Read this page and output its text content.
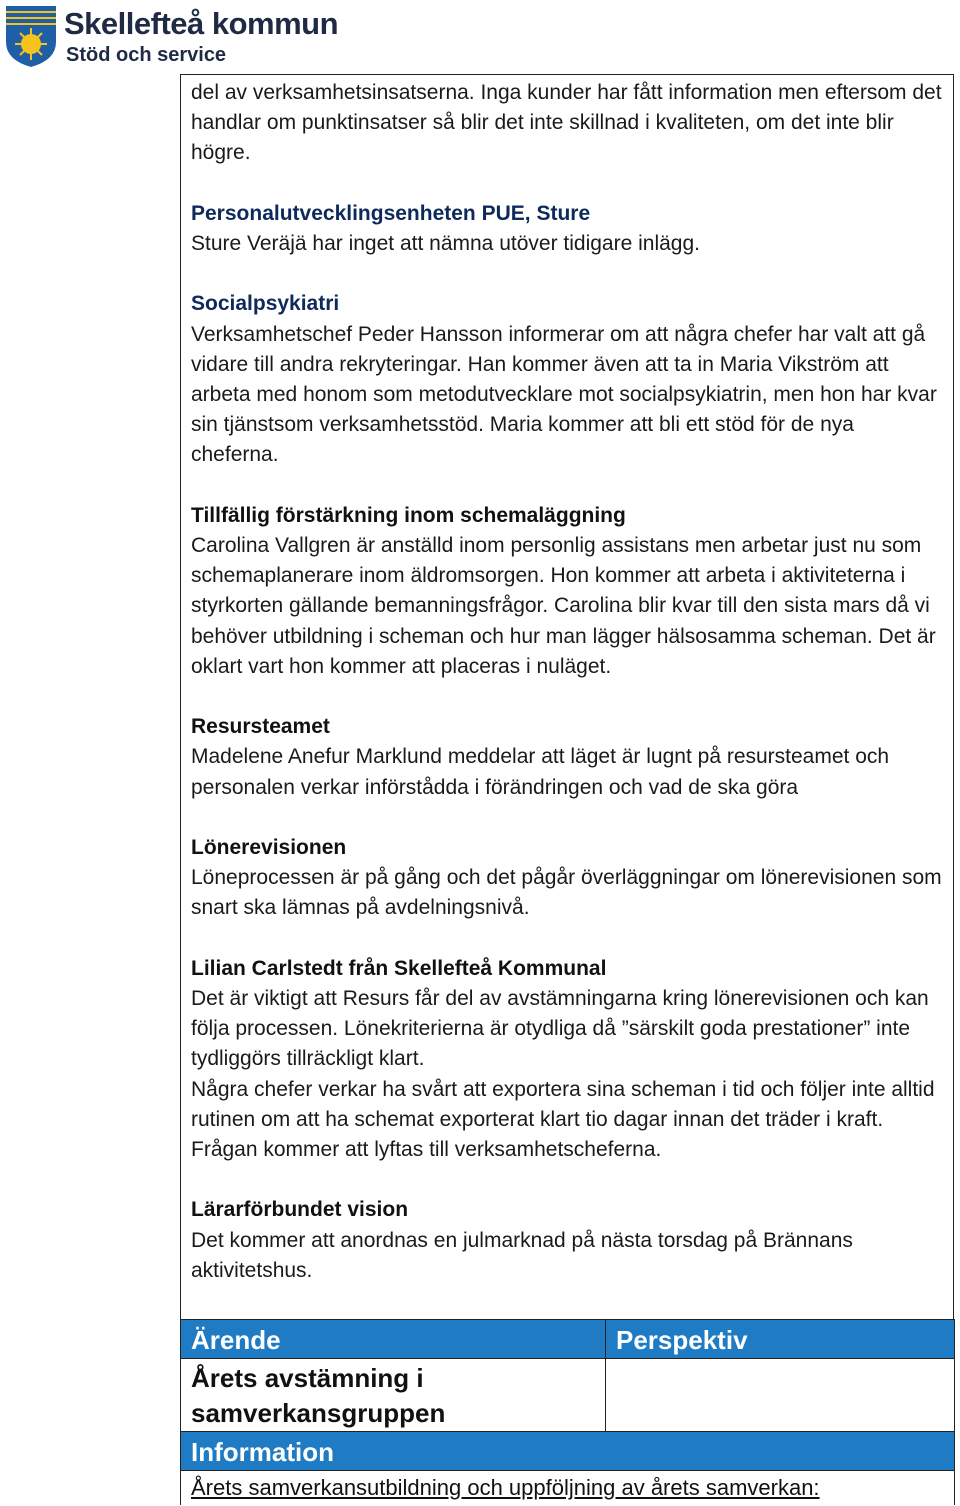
Skellefteå kommun
Stöd och service

del av verksamhetsinsatserna. Inga kunder har fått information men eftersom det handlar om punktinsatser så blir det inte skillnad i kvaliteten, om det inte blir högre.

Personalutvecklingsenheten PUE, Sture

Sture Veräjä har inget att nämna utöver tidigare inlägg.

Socialpsykiatri

Verksamhetschef Peder Hansson informerar om att några chefer har valt att gå vidare till andra rekryteringar. Han kommer även att ta in Maria Vikström att arbeta med honom som metodutvecklare mot socialpsykiatrin, men hon har kvar sin tjänstsom verksamhetsstöd. Maria kommer att bli ett stöd för de nya cheferna.

Tillfällig förstärkning inom schemaläggning

Carolina Vallgren är anställd inom personlig assistans men arbetar just nu som schemaplanerare inom äldromsorgen. Hon kommer att arbeta i aktiviteterna i styrkorten gällande bemanningsfrågor. Carolina blir kvar till den sista mars då vi behöver utbildning i scheman och hur man lägger hälsosamma scheman. Det är oklart vart hon kommer att placeras i nuläget.

Resursteamet

Madelene Anefur Marklund meddelar att läget är lugnt på resursteamet och personalen verkar införstådda i förändringen och vad de ska göra

Lönerevisionen

Löneprocessen är på gång och det pågår överläggningar om lönerevisionen som snart ska lämnas på avdelningsnivå.

Lilian Carlstedt från Skellefteå Kommunal

Det är viktigt att Resurs får del av avstämningarna kring lönerevisionen och kan följa processen. Lönekriterierna är otydliga då ”särskilt goda prestationer” inte tydliggörs tillräckligt klart.

Några chefer verkar ha svårt att exportera sina scheman i tid och följer inte alltid rutinen om att ha schemat exporterat klart tio dagar innan det träder i kraft. Frågan kommer att lyftas till verksamhetscheferna.

Lärarförbundet vision

Det kommer att anordnas en julmarknad på nästa torsdag på Brännans aktivitetshus.

Ärende	Perspektiv
Årets avstämning i samverkansgruppen
Information
Årets samverkansutbildning och uppföljning av årets samverkan:
